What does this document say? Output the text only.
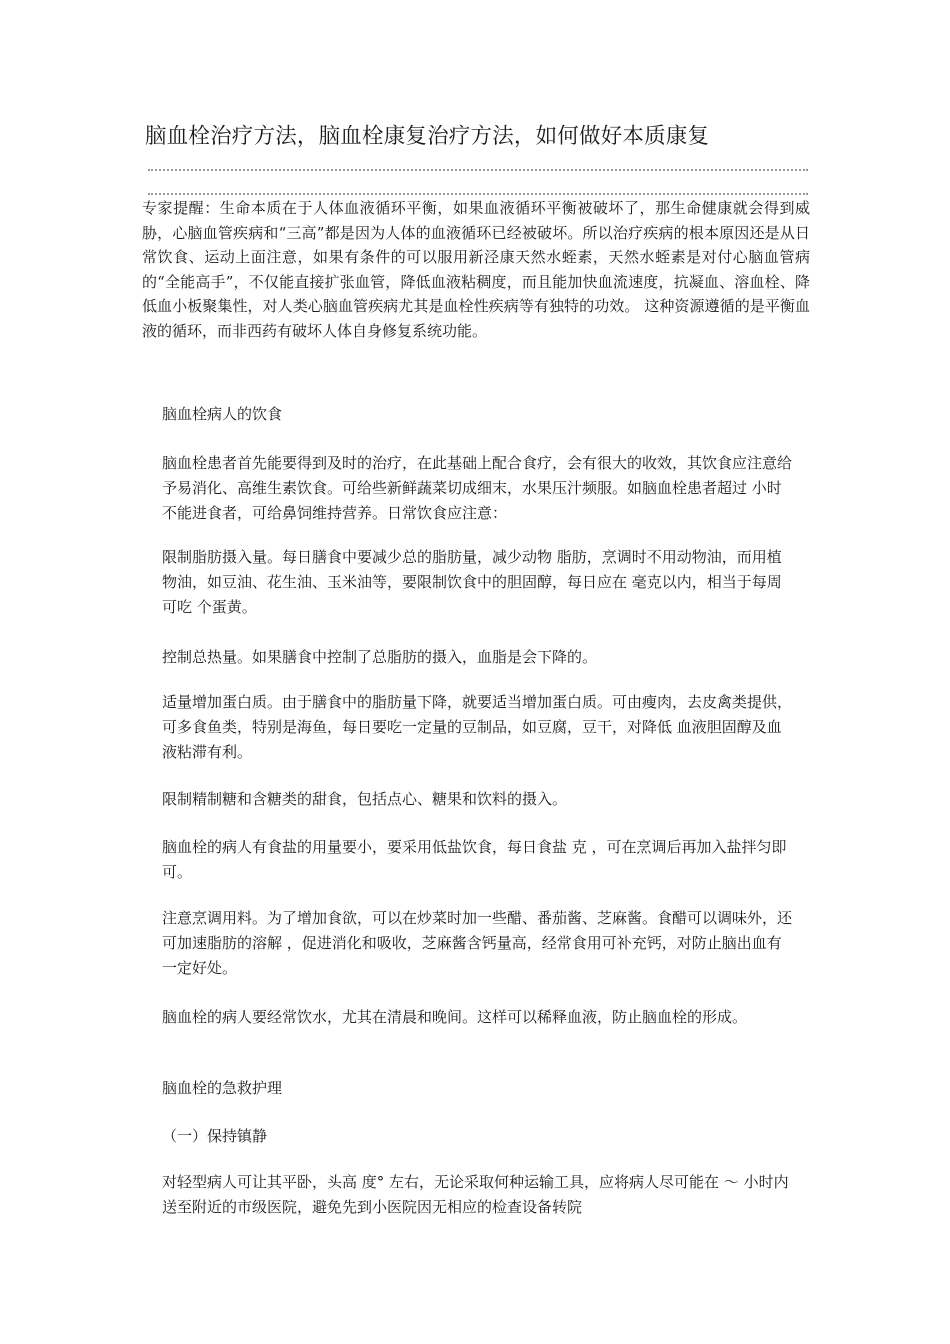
脑血栓治疗方法，脑血栓康复治疗方法，如何做好本质康复
专家提醒：生命本质在于人体血液循环平衡，如果血液循环平衡被破坏了，那生命健康就会得到威胁，心脑血管疾病和“三高”都是因为人体的血液循环已经被破坏。所以治疗疾病的根本原因还是从日常饮食、运动上面注意，如果有条件的可以服用新泾康天然水蛭素，天然水蛭素是对付心脑血管病的“全能高手”，不仅能直接扩张血管，降低血液粘稠度，而且能加快血流速度，抗凝血、溶血栓、降低血小板聚集性，对人类心脑血管疾病尤其是血栓性疾病等有独特的功效。 这种资源遵循的是平衡血液的循环，而非西药有破坏人体自身修复系统功能。
脑血栓病人的饮食
脑血栓患者首先能要得到及时的治疗，在此基础上配合食疗，会有很大的收效，其饮食应注意给予易消化、高维生素饮食。可给些新鲜蔬菜切成细末，水果压汁频服。如脑血栓患者超过 小时不能进食者，可给鼻饲维持营养。日常饮食应注意：
限制脂肪摄入量。每日膳食中要减少总的脂肪量，减少动物 脂肪，烹调时不用动物油，而用植物油，如豆油、花生油、玉米油等，要限制饮食中的胆固醇，每日应在 毫克以内，相当于每周可吃 个蛋黄。
控制总热量。如果膳食中控制了总脂肪的摄入，血脂是会下降的。
适量增加蛋白质。由于膳食中的脂肪量下降，就要适当增加蛋白质。可由瘦肉，去皮禽类提供，可多食鱼类，特别是海鱼，每日要吃一定量的豆制品，如豆腐，豆干，对降低 血液胆固醇及血液粘滞有利。
限制精制糖和含糖类的甜食，包括点心、糖果和饮料的摄入。
脑血栓的病人有食盐的用量要小，要采用低盐饮食，每日食盐 克 ，可在烹调后再加入盐拌匀即可。
注意烹调用料。为了增加食欲，可以在炒菜时加一些醋、番茄酱、芝麻酱。食醋可以调味外，还可加速脂肪的溶解 ，促进消化和吸收，芝麻酱含钙量高，经常食用可补充钙，对防止脑出血有一定好处。
脑血栓的病人要经常饮水，尤其在清晨和晚间。这样可以稀释血液，防止脑血栓的形成。
脑血栓的急救护理
（一）保持镇静
对轻型病人可让其平卧，头高 度° 左右，无论采取何种运输工具，应将病人尽可能在 ～ 小时内送至附近的市级医院，避免先到小医院因无相应的检查设备转院
